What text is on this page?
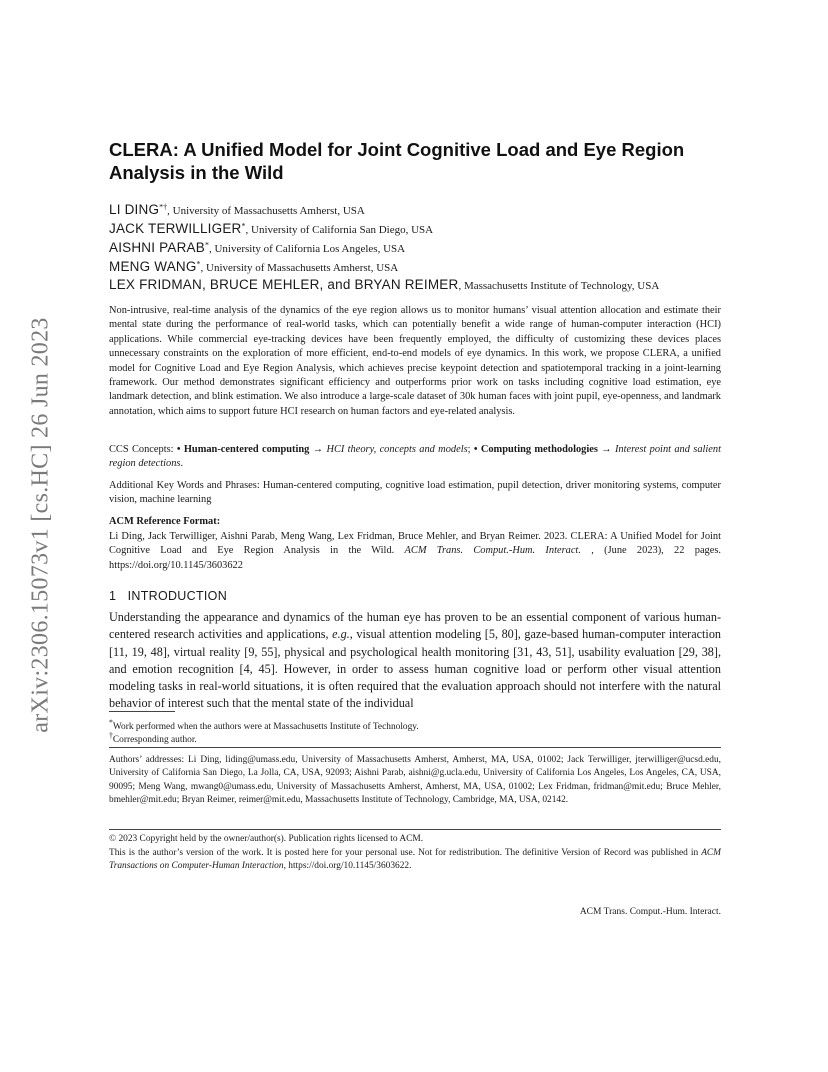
arXiv:2306.15073v1 [cs.HC] 26 Jun 2023
CLERA: A Unified Model for Joint Cognitive Load and Eye Region Analysis in the Wild
LI DING*†, University of Massachusetts Amherst, USA
JACK TERWILLIGER*, University of California San Diego, USA
AISHNI PARAB*, University of California Los Angeles, USA
MENG WANG*, University of Massachusetts Amherst, USA
LEX FRIDMAN, BRUCE MEHLER, and BRYAN REIMER, Massachusetts Institute of Technology, USA
Non-intrusive, real-time analysis of the dynamics of the eye region allows us to monitor humans’ visual attention allocation and estimate their mental state during the performance of real-world tasks, which can potentially benefit a wide range of human-computer interaction (HCI) applications. While commercial eye-tracking devices have been frequently employed, the difficulty of customizing these devices places unnecessary constraints on the exploration of more efficient, end-to-end models of eye dynamics. In this work, we propose CLERA, a unified model for Cognitive Load and Eye Region Analysis, which achieves precise keypoint detection and spatiotemporal tracking in a joint-learning framework. Our method demonstrates significant efficiency and outperforms prior work on tasks including cognitive load estimation, eye landmark detection, and blink estimation. We also introduce a large-scale dataset of 30k human faces with joint pupil, eye-openness, and landmark annotation, which aims to support future HCI research on human factors and eye-related analysis.
CCS Concepts: • Human-centered computing → HCI theory, concepts and models; • Computing methodologies → Interest point and salient region detections.
Additional Key Words and Phrases: Human-centered computing, cognitive load estimation, pupil detection, driver monitoring systems, computer vision, machine learning
ACM Reference Format:
Li Ding, Jack Terwilliger, Aishni Parab, Meng Wang, Lex Fridman, Bruce Mehler, and Bryan Reimer. 2023. CLERA: A Unified Model for Joint Cognitive Load and Eye Region Analysis in the Wild. ACM Trans. Comput.-Hum. Interact. , (June 2023), 22 pages. https://doi.org/10.1145/3603622
1 INTRODUCTION
Understanding the appearance and dynamics of the human eye has proven to be an essential component of various human-centered research activities and applications, e.g., visual attention modeling [5, 80], gaze-based human-computer interaction [11, 19, 48], virtual reality [9, 55], physical and psychological health monitoring [31, 43, 51], usability evaluation [29, 38], and emotion recognition [4, 45]. However, in order to assess human cognitive load or perform other visual attention modeling tasks in real-world situations, it is often required that the evaluation approach should not interfere with the natural behavior of interest such that the mental state of the individual
*Work performed when the authors were at Massachusetts Institute of Technology.
†Corresponding author.
Authors’ addresses: Li Ding, liding@umass.edu, University of Massachusetts Amherst, Amherst, MA, USA, 01002; Jack Terwilliger, jterwilliger@ucsd.edu, University of California San Diego, La Jolla, CA, USA, 92093; Aishni Parab, aishni@g.ucla.edu, University of California Los Angeles, Los Angeles, CA, USA, 90095; Meng Wang, mwang0@umass.edu, University of Massachusetts Amherst, Amherst, MA, USA, 01002; Lex Fridman, fridman@mit.edu; Bruce Mehler, bmehler@mit.edu; Bryan Reimer, reimer@mit.edu, Massachusetts Institute of Technology, Cambridge, MA, USA, 02142.
© 2023 Copyright held by the owner/author(s). Publication rights licensed to ACM.
This is the author’s version of the work. It is posted here for your personal use. Not for redistribution. The definitive Version of Record was published in ACM Transactions on Computer-Human Interaction, https://doi.org/10.1145/3603622.
ACM Trans. Comput.-Hum. Interact.
